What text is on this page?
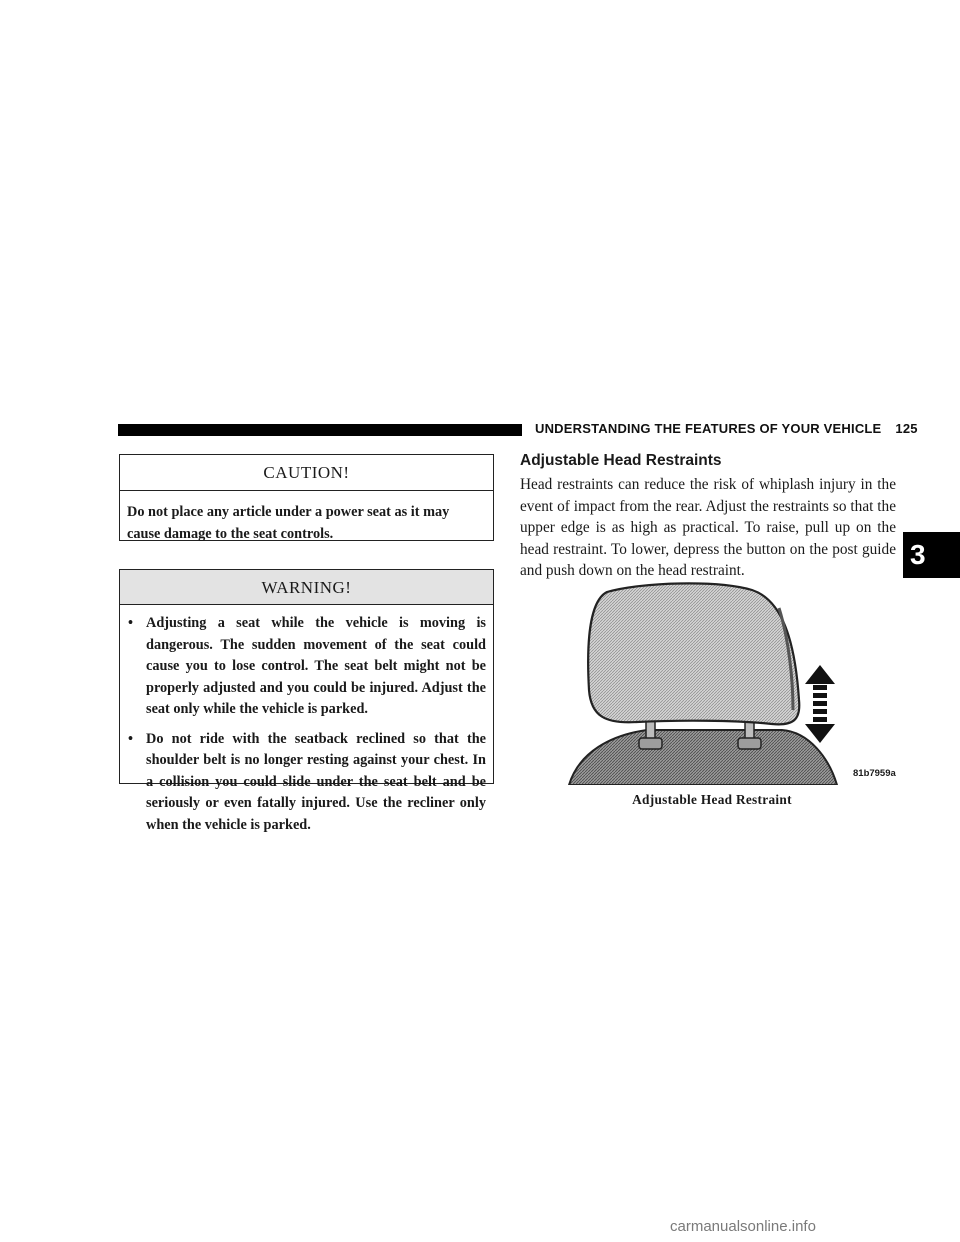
UNDERSTANDING THE FEATURES OF YOUR VEHICLE 125
3
CAUTION!
Do not place any article under a power seat as it may cause damage to the seat controls.
WARNING!
• Adjusting a seat while the vehicle is moving is dangerous. The sudden movement of the seat could cause you to lose control. The seat belt might not be properly adjusted and you could be injured. Adjust the seat only while the vehicle is parked.
• Do not ride with the seatback reclined so that the shoulder belt is no longer resting against your chest. In a collision you could slide under the seat belt and be seriously or even fatally injured. Use the recliner only when the vehicle is parked.
Adjustable Head Restraints
Head restraints can reduce the risk of whiplash injury in the event of impact from the rear. Adjust the restraints so that the upper edge is as high as practical. To raise, pull up on the head restraint. To lower, depress the button on the post guide and push down on the head restraint.
81b7959a
Adjustable Head Restraint
carmanualsonline.info
